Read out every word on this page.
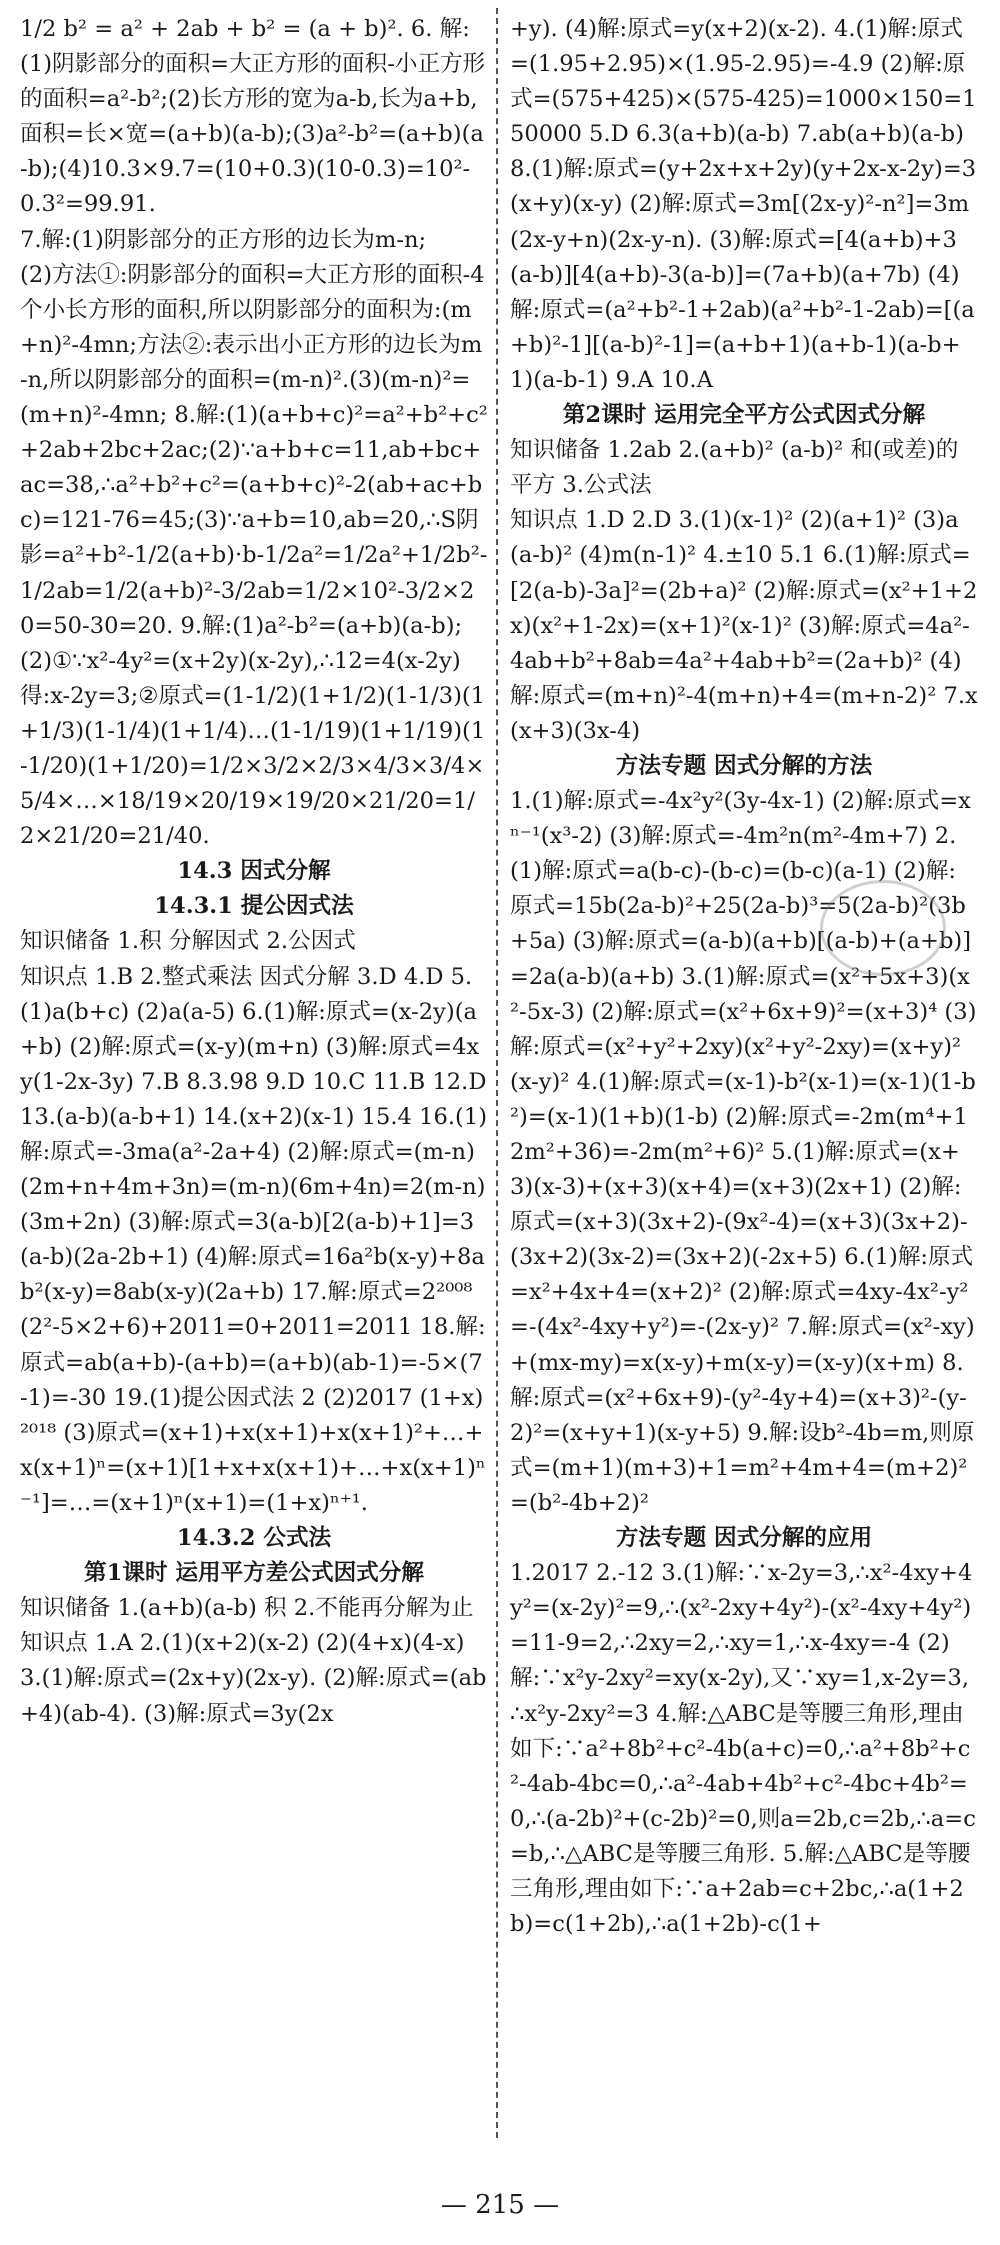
1/2 b² = a² + 2ab + b² = (a + b)². 6. 解:(1)阴影部分的面积=大正方形的面积-小正方形的面积=a²-b²;(2)长方形的宽为a-b,长为a+b,面积=长×宽=(a+b)(a-b);(3)a²-b²=(a+b)(a-b);(4)10.3×9.7=(10+0.3)(10-0.3)=10²-0.3²=99.91.

7.解:(1)阴影部分的正方形的边长为m-n;

(2)方法①:阴影部分的面积=大正方形的面积-4个小长方形的面积,所以阴影部分的面积为:(m+n)²-4mn;方法②:表示出小正方形的边长为m-n,所以阴影部分的面积=(m-n)².(3)(m-n)²=(m+n)²-4mn; 8.解:(1)(a+b+c)²=a²+b²+c²+2ab+2bc+2ac;(2)∵a+b+c=11,ab+bc+ac=38,∴a²+b²+c²=(a+b+c)²-2(ab+ac+bc)=121-76=45;(3)∵a+b=10,ab=20,∴S阴影=a²+b²-1/2(a+b)·b-1/2a²=1/2a²+1/2b²-1/2ab=1/2(a+b)²-3/2ab=1/2×10²-3/2×20=50-30=20. 9.解:(1)a²-b²=(a+b)(a-b);(2)①∵x²-4y²=(x+2y)(x-2y),∴12=4(x-2y)得:x-2y=3;②原式=(1-1/2)(1+1/2)(1-1/3)(1+1/3)(1-1/4)(1+1/4)…(1-1/19)(1+1/19)(1-1/20)(1+1/20)=1/2×3/2×2/3×4/3×3/4×5/4×…×18/19×20/19×19/20×21/20=1/2×21/20=21/40.

14.3 因式分解

14.3.1 提公因式法

知识储备 1.积 分解因式 2.公因式

知识点 1.B 2.整式乘法 因式分解 3.D 4.D 5.(1)a(b+c) (2)a(a-5) 6.(1)解:原式=(x-2y)(a+b) (2)解:原式=(x-y)(m+n) (3)解:原式=4xy(1-2x-3y) 7.B 8.3.98 9.D 10.C 11.B 12.D 13.(a-b)(a-b+1) 14.(x+2)(x-1) 15.4 16.(1)解:原式=-3ma(a²-2a+4) (2)解:原式=(m-n)(2m+n+4m+3n)=(m-n)(6m+4n)=2(m-n)(3m+2n) (3)解:原式=3(a-b)[2(a-b)+1]=3(a-b)(2a-2b+1) (4)解:原式=16a²b(x-y)+8ab²(x-y)=8ab(x-y)(2a+b) 17.解:原式=2²⁰⁰⁸(2²-5×2+6)+2011=0+2011=2011 18.解:原式=ab(a+b)-(a+b)=(a+b)(ab-1)=-5×(7-1)=-30 19.(1)提公因式法 2 (2)2017 (1+x)²⁰¹⁸ (3)原式=(x+1)+x(x+1)+x(x+1)²+…+x(x+1)ⁿ=(x+1)[1+x+x(x+1)+…+x(x+1)ⁿ⁻¹]=…=(x+1)ⁿ(x+1)=(1+x)ⁿ⁺¹.

14.3.2 公式法

第1课时 运用平方差公式因式分解

知识储备 1.(a+b)(a-b) 积 2.不能再分解为止

知识点 1.A 2.(1)(x+2)(x-2) (2)(4+x)(4-x) 3.(1)解:原式=(2x+y)(2x-y). (2)解:原式=(ab+4)(ab-4). (3)解:原式=3y(2x

+y). (4)解:原式=y(x+2)(x-2). 4.(1)解:原式=(1.95+2.95)×(1.95-2.95)=-4.9 (2)解:原式=(575+425)×(575-425)=1000×150=150000 5.D 6.3(a+b)(a-b) 7.ab(a+b)(a-b) 8.(1)解:原式=(y+2x+x+2y)(y+2x-x-2y)=3(x+y)(x-y) (2)解:原式=3m[(2x-y)²-n²]=3m(2x-y+n)(2x-y-n). (3)解:原式=[4(a+b)+3(a-b)][4(a+b)-3(a-b)]=(7a+b)(a+7b) (4)解:原式=(a²+b²-1+2ab)(a²+b²-1-2ab)=[(a+b)²-1][(a-b)²-1]=(a+b+1)(a+b-1)(a-b+1)(a-b-1) 9.A 10.A

第2课时 运用完全平方公式因式分解

知识储备 1.2ab 2.(a+b)² (a-b)² 和(或差)的平方 3.公式法

知识点 1.D 2.D 3.(1)(x-1)² (2)(a+1)² (3)a(a-b)² (4)m(n-1)² 4.±10 5.1 6.(1)解:原式=[2(a-b)-3a]²=(2b+a)² (2)解:原式=(x²+1+2x)(x²+1-2x)=(x+1)²(x-1)² (3)解:原式=4a²-4ab+b²+8ab=4a²+4ab+b²=(2a+b)² (4)解:原式=(m+n)²-4(m+n)+4=(m+n-2)² 7.x(x+3)(3x-4)

方法专题 因式分解的方法

1.(1)解:原式=-4x²y²(3y-4x-1) (2)解:原式=xⁿ⁻¹(x³-2) (3)解:原式=-4m²n(m²-4m+7) 2.(1)解:原式=a(b-c)-(b-c)=(b-c)(a-1) (2)解:原式=15b(2a-b)²+25(2a-b)³=5(2a-b)²(3b+5a) (3)解:原式=(a-b)(a+b)[(a-b)+(a+b)]=2a(a-b)(a+b) 3.(1)解:原式=(x²+5x+3)(x²-5x-3) (2)解:原式=(x²+6x+9)²=(x+3)⁴ (3)解:原式=(x²+y²+2xy)(x²+y²-2xy)=(x+y)²(x-y)² 4.(1)解:原式=(x-1)-b²(x-1)=(x-1)(1-b²)=(x-1)(1+b)(1-b) (2)解:原式=-2m(m⁴+12m²+36)=-2m(m²+6)² 5.(1)解:原式=(x+3)(x-3)+(x+3)(x+4)=(x+3)(2x+1) (2)解:原式=(x+3)(3x+2)-(9x²-4)=(x+3)(3x+2)-(3x+2)(3x-2)=(3x+2)(-2x+5) 6.(1)解:原式=x²+4x+4=(x+2)² (2)解:原式=4xy-4x²-y²=-(4x²-4xy+y²)=-(2x-y)² 7.解:原式=(x²-xy)+(mx-my)=x(x-y)+m(x-y)=(x-y)(x+m) 8.解:原式=(x²+6x+9)-(y²-4y+4)=(x+3)²-(y-2)²=(x+y+1)(x-y+5) 9.解:设b²-4b=m,则原式=(m+1)(m+3)+1=m²+4m+4=(m+2)²=(b²-4b+2)²

方法专题 因式分解的应用

1.2017 2.-12 3.(1)解:∵x-2y=3,∴x²-4xy+4y²=(x-2y)²=9,∴(x²-2xy+4y²)-(x²-4xy+4y²)=11-9=2,∴2xy=2,∴xy=1,∴x-4xy=-4 (2)解:∵x²y-2xy²=xy(x-2y),又∵xy=1,x-2y=3,∴x²y-2xy²=3 4.解:△ABC是等腰三角形,理由如下:∵a²+8b²+c²-4b(a+c)=0,∴a²+8b²+c²-4ab-4bc=0,∴a²-4ab+4b²+c²-4bc+4b²=0,∴(a-2b)²+(c-2b)²=0,则a=2b,c=2b,∴a=c=b,∴△ABC是等腰三角形. 5.解:△ABC是等腰三角形,理由如下:∵a+2ab=c+2bc,∴a(1+2b)=c(1+2b),∴a(1+2b)-c(1+

— 215 —
